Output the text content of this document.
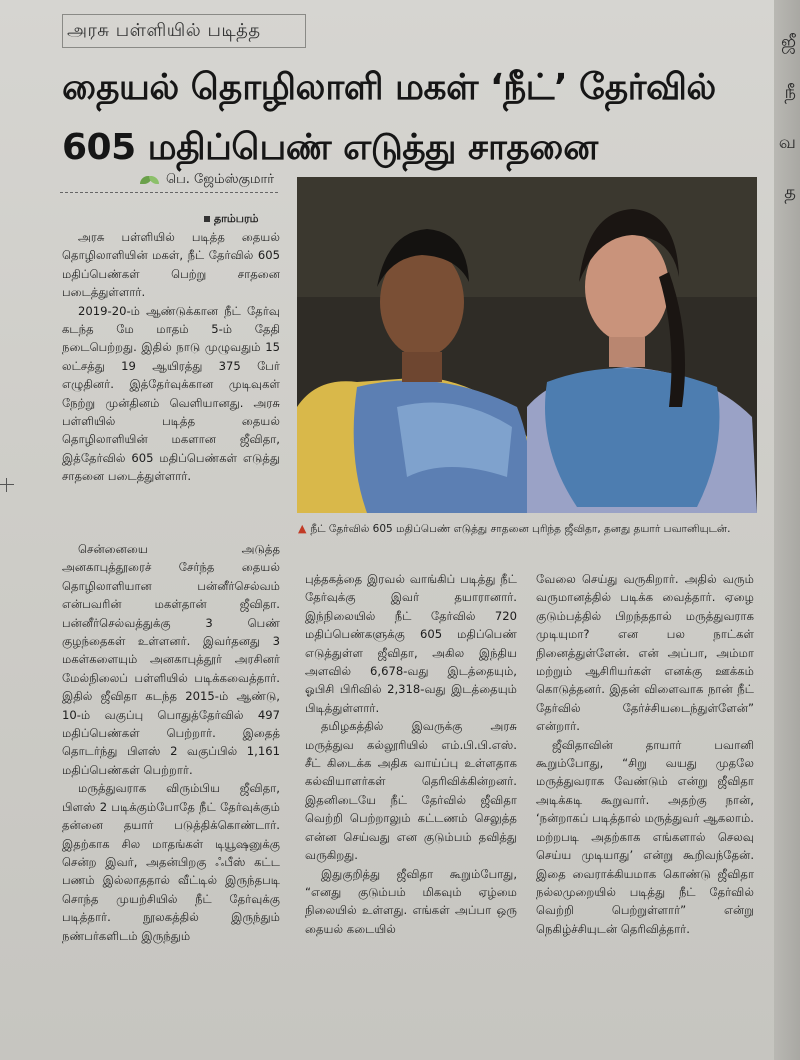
ஜீ
நீ
வ
த
அரசு பள்ளியில் படித்த
தையல் தொழிலாளி மகள் ‘நீட்’ தேர்வில்
605 மதிப்பெண் எடுத்து சாதனை
பெ. ஜேம்ஸ்குமார்
▲ நீட் தேர்வில் 605 மதிப்பெண் எடுத்து சாதனை புரிந்த ஜீவிதா, தனது தயார் பவானியுடன்.
தாம்பரம்

அரசு பள்ளியில் படித்த தையல் தொழிலாளியின் மகள், நீட் தேர்வில் 605 மதிப்பெண்கள் பெற்று சாதனை படைத்துள்ளார்.

2019-20-ம் ஆண்டுக்கான நீட் தேர்வு கடந்த மே மாதம் 5-ம் தேதி நடைபெற்றது. இதில் நாடு முழுவதும் 15 லட்சத்து 19 ஆயிரத்து 375 பேர் எழுதினர். இத்தேர்வுக்கான முடிவுகள் நேற்று முன்தினம் வெளியானது. அரசு பள்ளியில் படித்த தையல் தொழிலாளியின் மகளான ஜீவிதா, இத்தேர்வில் 605 மதிப்பெண்கள் எடுத்து சாதனை படைத்துள்ளார்.

சென்னையை அடுத்த அனகாபுத்தூரைச் சேர்ந்த தையல் தொழிலாளியான பன்னீர்செல்வம் என்பவரின் மகள்தான் ஜீவிதா. பன்னீர்செல்வத்துக்கு 3 பெண் குழந்தைகள் உள்ளனர். இவர்தனது 3 மகள்களையும் அனகாபுத்தூர் அரசினர் மேல்நிலைப் பள்ளியில் படிக்கவைத்தார். இதில் ஜீவிதா கடந்த 2015-ம் ஆண்டு, 10-ம் வகுப்பு பொதுத்தேர்வில் 497 மதிப்பெண்கள் பெற்றார். இதைத் தொடர்ந்து பிளஸ் 2 வகுப்பில் 1,161 மதிப்பெண்கள் பெற்றார்.

மருத்துவராக விரும்பிய ஜீவிதா, பிளஸ் 2 படிக்கும்போதே நீட் தேர்வுக்கும் தன்னை தயார் படுத்திக்கொண்டார். இதற்காக சில மாதங்கள் டியூஷனுக்கு சென்ற இவர், அதன்பிறகு ஃபீஸ் கட்ட பணம் இல்லாததால் வீட்டில் இருந்தபடி சொந்த முயற்சியில் நீட் தேர்வுக்கு படித்தார். நூலகத்தில் இருந்தும் நண்பர்களிடம் இருந்தும்

புத்தகத்தை இரவல் வாங்கிப் படித்து நீட் தேர்வுக்கு இவர் தயாரானார். இந்நிலையில் நீட் தேர்வில் 720 மதிப்பெண்களுக்கு 605 மதிப்பெண் எடுத்துள்ள ஜீவிதா, அகில இந்திய அளவில் 6,678-வது இடத்தையும், ஓபிசி பிரிவில் 2,318-வது இடத்தையும் பிடித்துள்ளார்.

தமிழகத்தில் இவருக்கு அரசு மருத்துவ கல்லூரியில் எம்.பி.பி.எஸ். சீட் கிடைக்க அதிக வாய்ப்பு உள்ளதாக கல்வியாளர்கள் தெரிவிக்கின்றனர். இதனிடையே நீட் தேர்வில் ஜீவிதா வெற்றி பெற்றாலும் கட்டணம் செலுத்த என்ன செய்வது என குடும்பம் தவித்து வருகிறது.

இதுகுறித்து ஜீவிதா கூறும்போது, “எனது குடும்பம் மிகவும் ஏழ்மை நிலையில் உள்ளது. எங்கள் அப்பா ஒரு தையல் கடையில்

வேலை செய்து வருகிறார். அதில் வரும் வருமானத்தில் படிக்க வைத்தார். ஏழை குடும்பத்தில் பிறந்ததால் மருத்துவராக முடியுமா? என பல நாட்கள் நினைத்துள்ளேன். என் அப்பா, அம்மா மற்றும் ஆசிரியர்கள் எனக்கு ஊக்கம் கொடுத்தனர். இதன் விளைவாக நான் நீட் தேர்வில் தேர்ச்சியடைந்துள்ளேன்” என்றார்.

ஜீவிதாவின் தாயார் பவானி கூறும்போது, “சிறு வயது முதலே மருத்துவராக வேண்டும் என்று ஜீவிதா அடிக்கடி கூறுவார். அதற்கு நான், ‘நன்றாகப் படித்தால் மருத்துவர் ஆகலாம். மற்றபடி அதற்காக எங்களால் செலவு செய்ய முடியாது’ என்று கூறிவந்தேன். இதை வைராக்கியமாக கொண்டு ஜீவிதா நல்லமுறையில் படித்து நீட் தேர்வில் வெற்றி பெற்றுள்ளார்” என்று நெகிழ்ச்சியுடன் தெரிவித்தார்.
